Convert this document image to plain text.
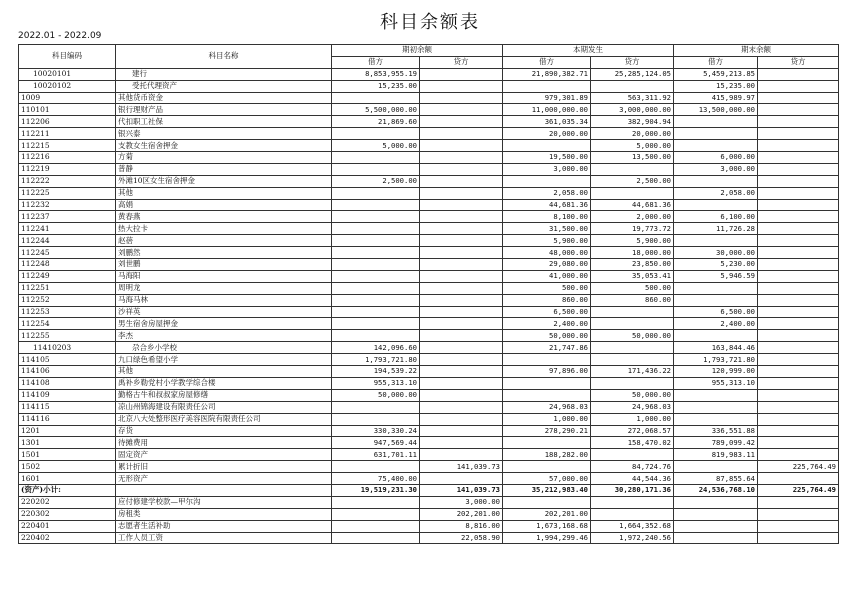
科目余额表
2022.01 - 2022.09
科目编码	科目名称	期初余额		本期发生		期末余额	
		借方	贷方	借方	贷方	借方	贷方
10020101	建行	8,853,955.19		21,890,382.71	25,285,124.05	5,459,213.85	
10020102	受托代理资产	15,235.00				15,235.00	
1009	其他货币资金			979,301.89	563,311.92	415,989.97	
110101	银行理财产品	5,500,000.00		11,000,000.00	3,000,000.00	13,500,000.00	
112206	代扣职工社保	21,869.60		361,035.34	382,904.94		
112211	银兴泰			20,000.00	20,000.00		
112215	支教女生宿舍押金	5,000.00			5,000.00		
112216	方菊			19,500.00	13,500.00	6,000.00	
112219	普静			3,000.00		3,000.00	
112222	外滩10区女生宿舍押金	2,500.00			2,500.00		
112225	其他			2,058.00		2,058.00	
112232	高娟			44,681.36	44,681.36		
112237	黄春燕			8,100.00	2,000.00	6,100.00	
112241	热大拉卡			31,500.00	19,773.72	11,726.28	
112244	赵蓓			5,900.00	5,900.00		
112245	刘鹏然			48,000.00	18,000.00	30,000.00	
112248	刘世鹏			29,080.00	23,850.00	5,230.00	
112249	马海阳			41,000.00	35,053.41	5,946.59	
112251	周明龙			500.00	500.00		
112252	马海马林			860.00	860.00		
112253	沙祥英			6,500.00		6,500.00	
112254	男生宿舍房屋押金			2,400.00		2,400.00	
112255	李杰			50,000.00	50,000.00		
11410203	尕合乡小学校	142,096.60		21,747.86		163,844.46	
114105	九口绿色希望小学	1,793,721.80				1,793,721.80	
114106	其他	194,539.22		97,896.00	171,436.22	120,999.00	
114108	禹补乡勒党村小学教学综合楼	955,313.10				955,313.10	
114109	勤格古牛和叔叔家房屋修缮	50,000.00			50,000.00		
114115	凉山州锦海建设有限责任公司			24,968.03	24,968.03		
114116	北京八大处整形医疗美容医院有限责任公司			1,000.00	1,000.00		
1201	存货	330,330.24		278,290.21	272,068.57	336,551.88	
1301	待摊费用	947,569.44			158,470.02	789,099.42	
1501	固定资产	631,701.11		188,282.00		819,983.11	
1502	累计折旧		141,039.73		84,724.76		225,764.49
1601	无形资产	75,400.00		57,000.00	44,544.36	87,855.64	
(资产)小计:		19,519,231.30	141,039.73	35,212,983.40	30,280,171.36	24,536,768.10	225,764.49
220202	应付修建学校款—甲尔沟		3,000.00				
220302	房租类		202,201.00	202,201.00			
220401	志愿者生活补助		8,816.00	1,673,168.68	1,664,352.68		
220402	工作人员工资		22,058.90	1,994,299.46	1,972,240.56		
